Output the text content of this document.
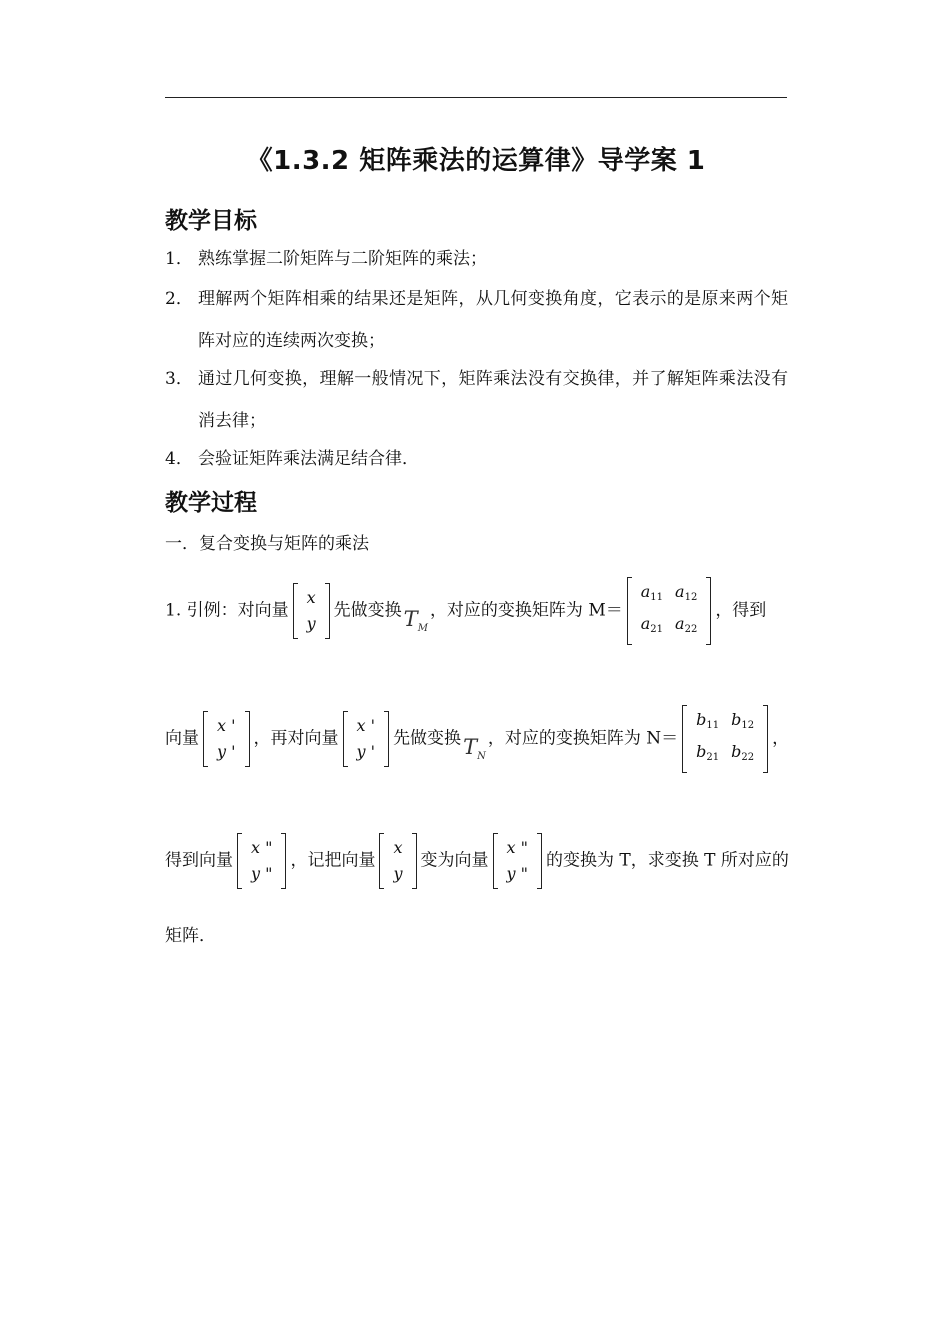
《1.3.2 矩阵乘法的运算律》导学案 1
教学目标
1． 熟练掌握二阶矩阵与二阶矩阵的乘法；
2． 理解两个矩阵相乘的结果还是矩阵，从几何变换角度，它表示的是原来两个矩阵对应的连续两次变换；
3． 通过几何变换，理解一般情况下，矩阵乘法没有交换律，并了解矩阵乘法没有消去律；
4． 会验证矩阵乘法满足结合律．
教学过程
一．复合变换与矩阵的乘法
1. 引例：对向量
x
y
先做变换$T_M$，对应的变换矩阵为 M＝
$a_{11}$	$a_{12}$
$a_{21}$	$a_{22}$
，得到
向量
x '
y '
，再对向量
x '
y '
先做变换$T_N$，对应的变换矩阵为 N＝
$b_{11}$	$b_{12}$
$b_{21}$	$b_{22}$
，
得到向量
x "
y "
，记把向量
x
y
变为向量
x "
y "
的变换为 T，求变换 T 所对应的
矩阵．
